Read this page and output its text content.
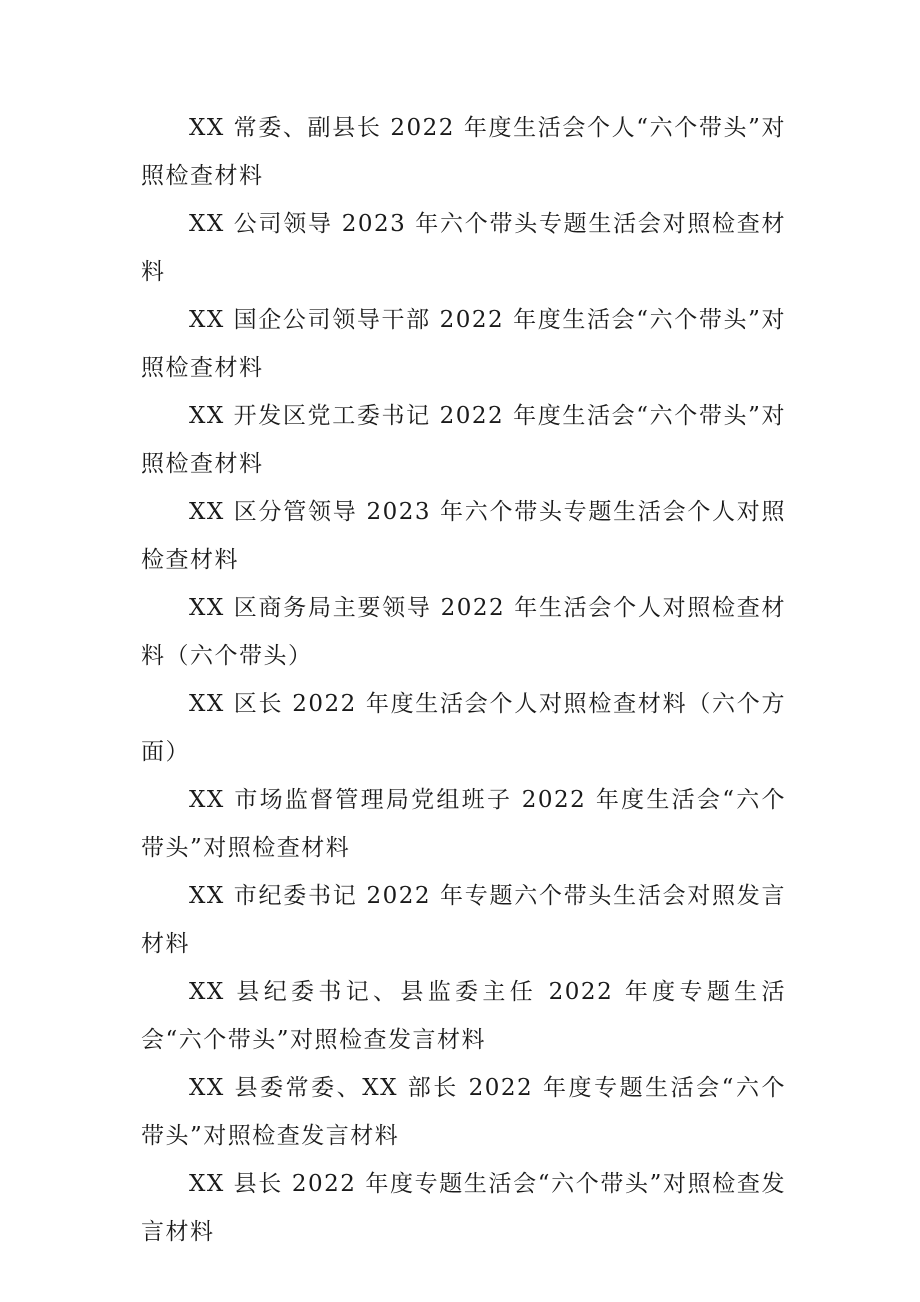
XX 常委、副县长 2022 年度生活会个人“六个带头”对照检查材料

XX 公司领导 2023 年六个带头专题生活会对照检查材料

XX 国企公司领导干部 2022 年度生活会“六个带头”对照检查材料

XX 开发区党工委书记 2022 年度生活会“六个带头”对照检查材料

XX 区分管领导 2023 年六个带头专题生活会个人对照检查材料

XX 区商务局主要领导 2022 年生活会个人对照检查材料（六个带头）

XX 区长 2022 年度生活会个人对照检查材料（六个方面）

XX 市场监督管理局党组班子 2022 年度生活会“六个带头”对照检查材料

XX 市纪委书记 2022 年专题六个带头生活会对照发言材料

XX 县纪委书记、县监委主任 2022 年度专题生活会“六个带头”对照检查发言材料

XX 县委常委、XX 部长 2022 年度专题生活会“六个带头”对照检查发言材料

XX 县长 2022 年度专题生活会“六个带头”对照检查发言材料
